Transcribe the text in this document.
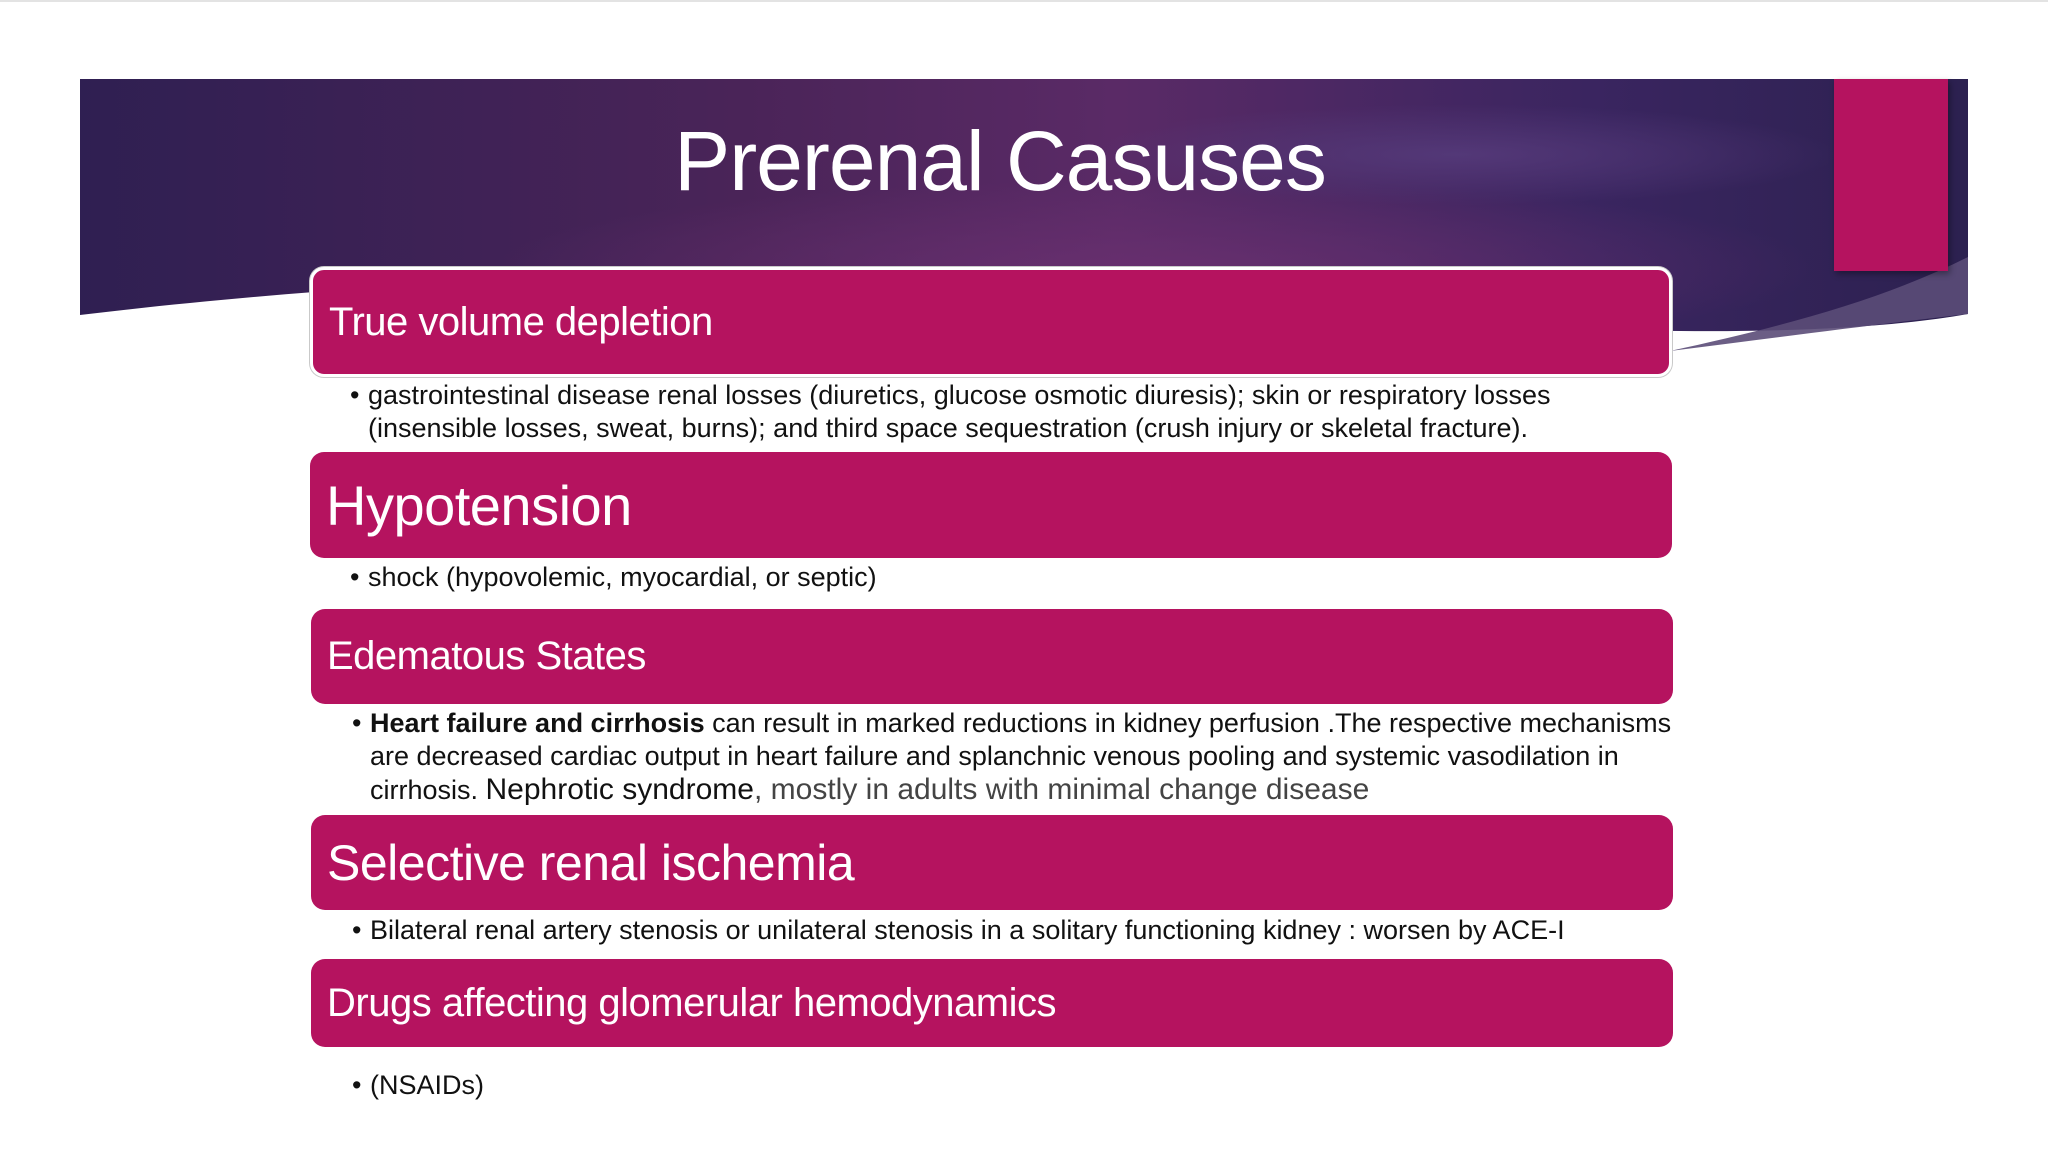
Prerenal Casuses
True volume depletion
• gastrointestinal disease renal losses (diuretics, glucose osmotic diuresis); skin or respiratory losses (insensible losses, sweat, burns); and third space sequestration (crush injury or skeletal fracture).
Hypotension
• shock (hypovolemic, myocardial, or septic)
Edematous States
• Heart failure and cirrhosis can result in marked reductions in kidney perfusion .The respective mechanisms are decreased cardiac output in heart failure and splanchnic venous pooling and systemic vasodilation in cirrhosis. Nephrotic syndrome, mostly in adults with minimal change disease
Selective renal ischemia
• Bilateral renal artery stenosis or unilateral stenosis in a solitary functioning kidney : worsen by ACE-I
Drugs affecting glomerular hemodynamics
• (NSAIDs)
